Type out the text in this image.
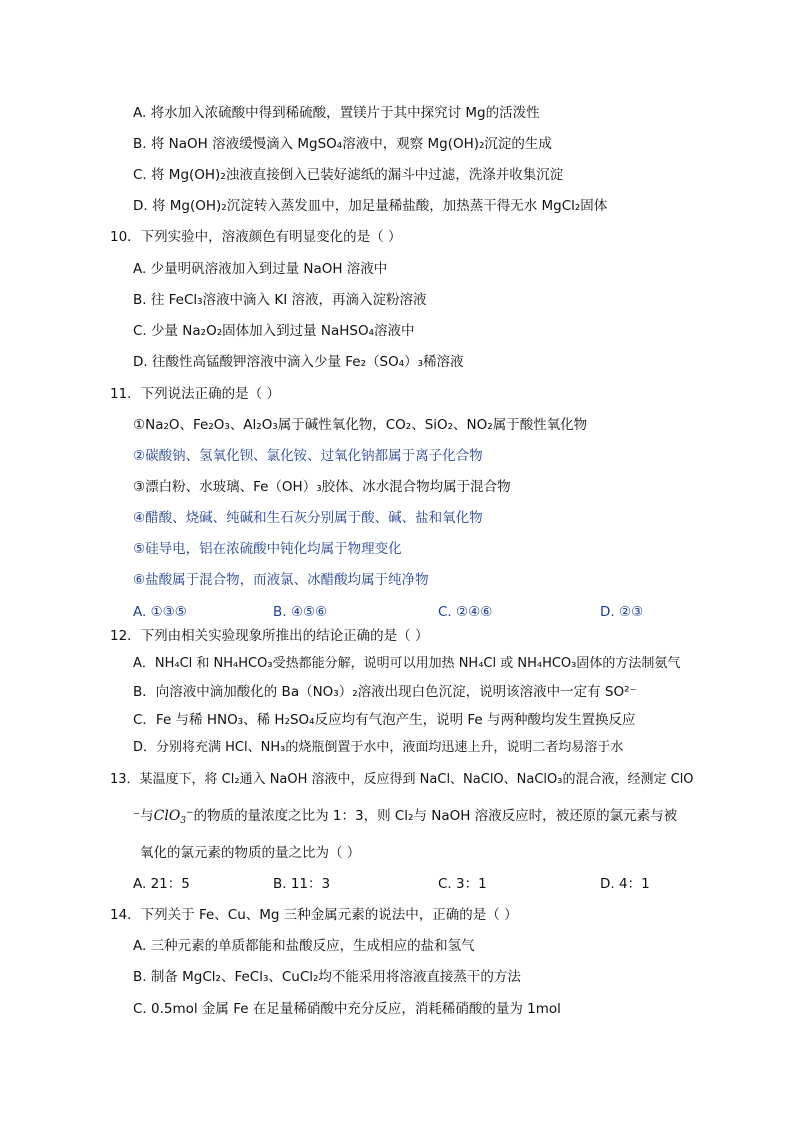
A. 将水加入浓硫酸中得到稀硫酸，置镁片于其中探究讨 Mg的活泼性
B. 将 NaOH 溶液缓慢滴入 MgSO₄溶液中，观察 Mg(OH)₂沉淀的生成
C. 将 Mg(OH)₂浊液直接倒入已装好滤纸的漏斗中过滤，洗涤并收集沉淀
D. 将 Mg(OH)₂沉淀转入蒸发皿中，加足量稀盐酸，加热蒸干得无水 MgCl₂固体
10．下列实验中，溶液颜色有明显变化的是（ ）
A. 少量明矾溶液加入到过量 NaOH 溶液中
B. 往 FeCl₃溶液中滴入 KI 溶液，再滴入淀粉溶液
C. 少量 Na₂O₂固体加入到过量 NaHSO₄溶液中
D. 往酸性高锰酸钾溶液中滴入少量 Fe₂（SO₄）₃稀溶液
11．下列说法正确的是（ ）
①Na₂O、Fe₂O₃、Al₂O₃属于碱性氧化物，CO₂、SiO₂、NO₂属于酸性氧化物
②碳酸钠、氢氧化钡、氯化铵、过氧化钠都属于离子化合物
③漂白粉、水玻璃、Fe（OH）₃胶体、冰水混合物均属于混合物
④醋酸、烧碱、纯碱和生石灰分别属于酸、碱、盐和氧化物
⑤硅导电，铝在浓硫酸中钝化均属于物理变化
⑥盐酸属于混合物，而液氯、冰醋酸均属于纯净物
A. ①③⑤	B. ④⑤⑥	C. ②④⑥	D. ②③
12．下列由相关实验现象所推出的结论正确的是（ ）
A．NH₄Cl 和 NH₄HCO₃受热都能分解，说明可以用加热 NH₄Cl 或 NH₄HCO₃固体的方法制氨气
B．向溶液中滴加酸化的 Ba（NO₃）₂溶液出现白色沉淀，说明该溶液中一定有 SO²⁻
C．Fe 与稀 HNO₃、稀 H₂SO₄反应均有气泡产生，说明 Fe 与两种酸均发生置换反应
D．分别将充满 HCl、NH₃的烧瓶倒置于水中，液面均迅速上升，说明二者均易溶于水
13．某温度下，将 Cl₂通入 NaOH 溶液中，反应得到 NaCl、NaClO、NaClO₃的混合液，经测定 ClO
⁻与ClO$_3$−的物质的量浓度之比为 1：3，则 Cl₂与 NaOH 溶液反应时，被还原的氯元素与被
氧化的氯元素的物质的量之比为（ ）
A. 21：5	B. 11：3	C. 3：1	D. 4：1
14．下列关于 Fe、Cu、Mg 三种金属元素的说法中，正确的是（ ）
A. 三种元素的单质都能和盐酸反应，生成相应的盐和氢气
B. 制备 MgCl₂、FeCl₃、CuCl₂均不能采用将溶液直接蒸干的方法
C. 0.5mol 金属 Fe 在足量稀硝酸中充分反应，消耗稀硝酸的量为 1mol
